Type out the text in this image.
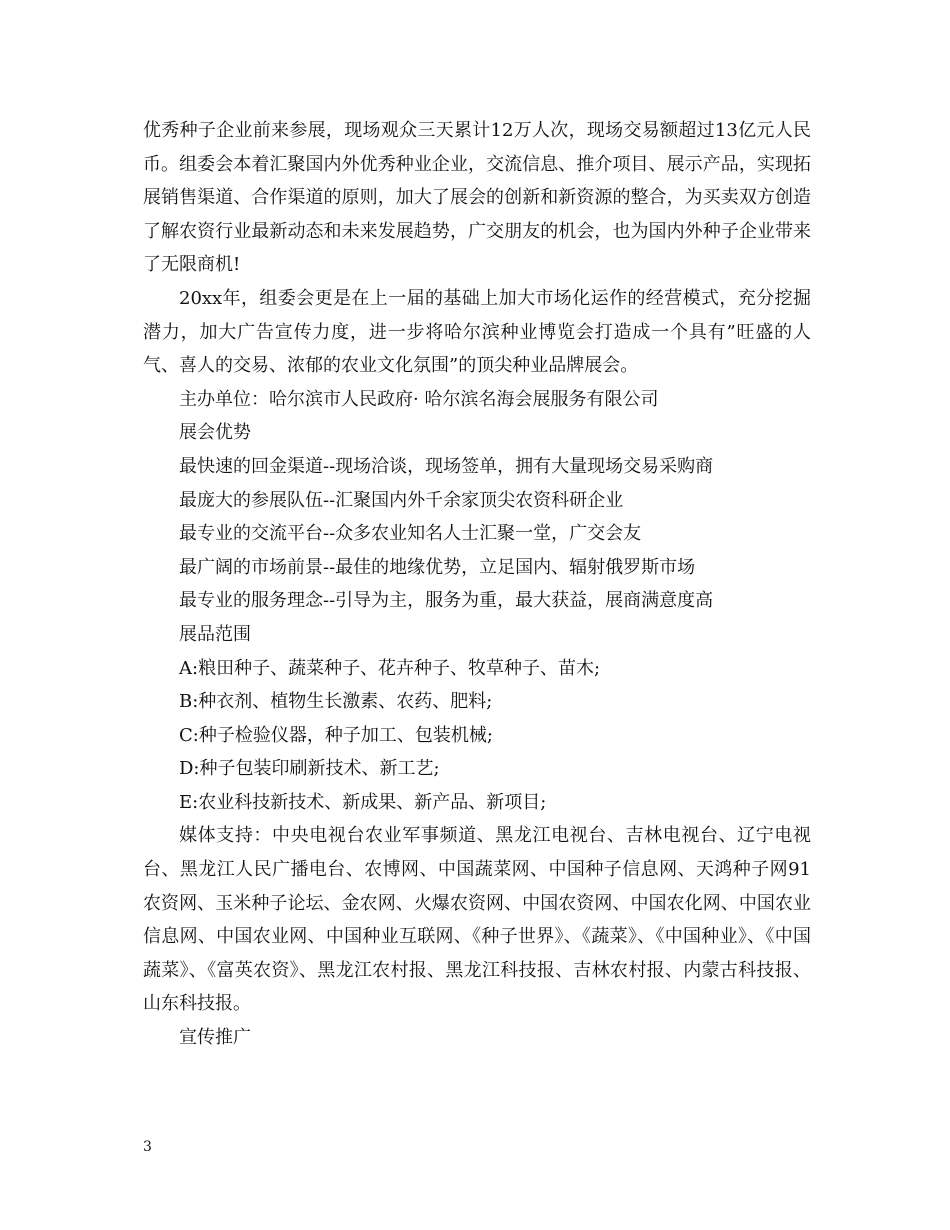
优秀种子企业前来参展，现场观众三天累计12万人次，现场交易额超过13亿元人民币。组委会本着汇聚国内外优秀种业企业，交流信息、推介项目、展示产品，实现拓展销售渠道、合作渠道的原则，加大了展会的创新和新资源的整合，为买卖双方创造了解农资行业最新动态和未来发展趋势，广交朋友的机会，也为国内外种子企业带来了无限商机!

20xx年，组委会更是在上一届的基础上加大市场化运作的经营模式，充分挖掘潜力，加大广告宣传力度，进一步将哈尔滨种业博览会打造成一个具有”旺盛的人气、喜人的交易、浓郁的农业文化氛围”的顶尖种业品牌展会。

主办单位：哈尔滨市人民政府· 哈尔滨名海会展服务有限公司

展会优势

最快速的回金渠道--现场洽谈，现场签单，拥有大量现场交易采购商

最庞大的参展队伍--汇聚国内外千余家顶尖农资科研企业

最专业的交流平台--众多农业知名人士汇聚一堂，广交会友

最广阔的市场前景--最佳的地缘优势，立足国内、辐射俄罗斯市场

最专业的服务理念--引导为主，服务为重，最大获益，展商满意度高

展品范围

A:粮田种子、蔬菜种子、花卉种子、牧草种子、苗木;

B:种衣剂、植物生长激素、农药、肥料;

C:种子检验仪器，种子加工、包装机械;

D:种子包装印刷新技术、新工艺;

E:农业科技新技术、新成果、新产品、新项目;

媒体支持：中央电视台农业军事频道、黑龙江电视台、吉林电视台、辽宁电视台、黑龙江人民广播电台、农博网、中国蔬菜网、中国种子信息网、天鸿种子网91农资网、玉米种子论坛、金农网、火爆农资网、中国农资网、中国农化网、中国农业信息网、中国农业网、中国种业互联网、《种子世界》、《蔬菜》、《中国种业》、《中国蔬菜》、《富英农资》、黑龙江农村报、黑龙江科技报、吉林农村报、内蒙古科技报、山东科技报。

宣传推广

3
